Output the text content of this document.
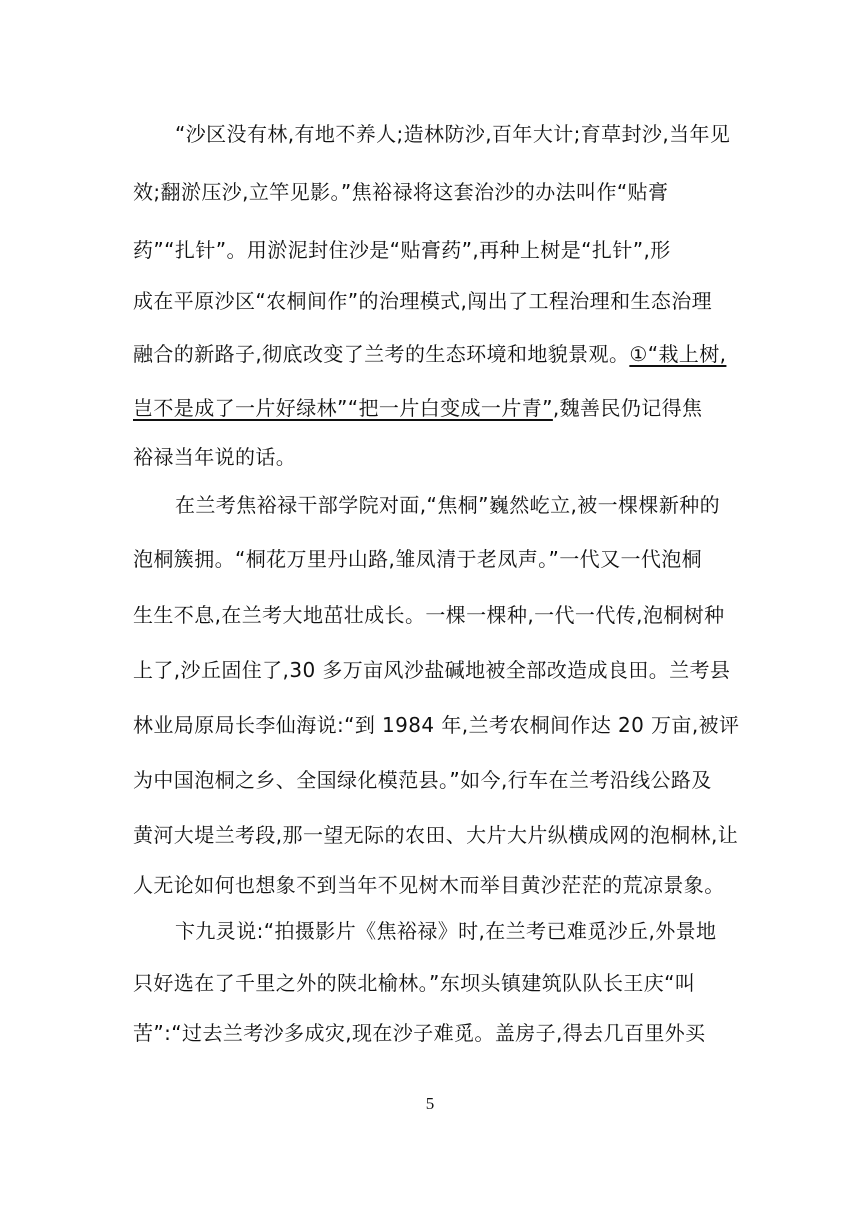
“沙区没有林,有地不养人;造林防沙,百年大计;育草封沙,当年见
效;翻淤压沙,立竿见影。”焦裕禄将这套治沙的办法叫作“贴膏
药”“扎针”。用淤泥封住沙是“贴膏药”,再种上树是“扎针”,形
成在平原沙区“农桐间作”的治理模式,闯出了工程治理和生态治理
融合的新路子,彻底改变了兰考的生态环境和地貌景观。①“栽上树,
岂不是成了一片好绿林”“把一片白变成一片青”,魏善民仍记得焦
裕禄当年说的话。
在兰考焦裕禄干部学院对面,“焦桐”巍然屹立,被一棵棵新种的
泡桐簇拥。“桐花万里丹山路,雏凤清于老凤声。”一代又一代泡桐
生生不息,在兰考大地茁壮成长。一棵一棵种,一代一代传,泡桐树种
上了,沙丘固住了,30 多万亩风沙盐碱地被全部改造成良田。兰考县
林业局原局长李仙海说:“到 1984 年,兰考农桐间作达 20 万亩,被评
为中国泡桐之乡、全国绿化模范县。”如今,行车在兰考沿线公路及
黄河大堤兰考段,那一望无际的农田、大片大片纵横成网的泡桐林,让
人无论如何也想象不到当年不见树木而举目黄沙茫茫的荒凉景象。
卞九灵说:“拍摄影片《焦裕禄》时,在兰考已难觅沙丘,外景地
只好选在了千里之外的陕北榆林。”东坝头镇建筑队队长王庆“叫
苦”:“过去兰考沙多成灾,现在沙子难觅。盖房子,得去几百里外买
5
